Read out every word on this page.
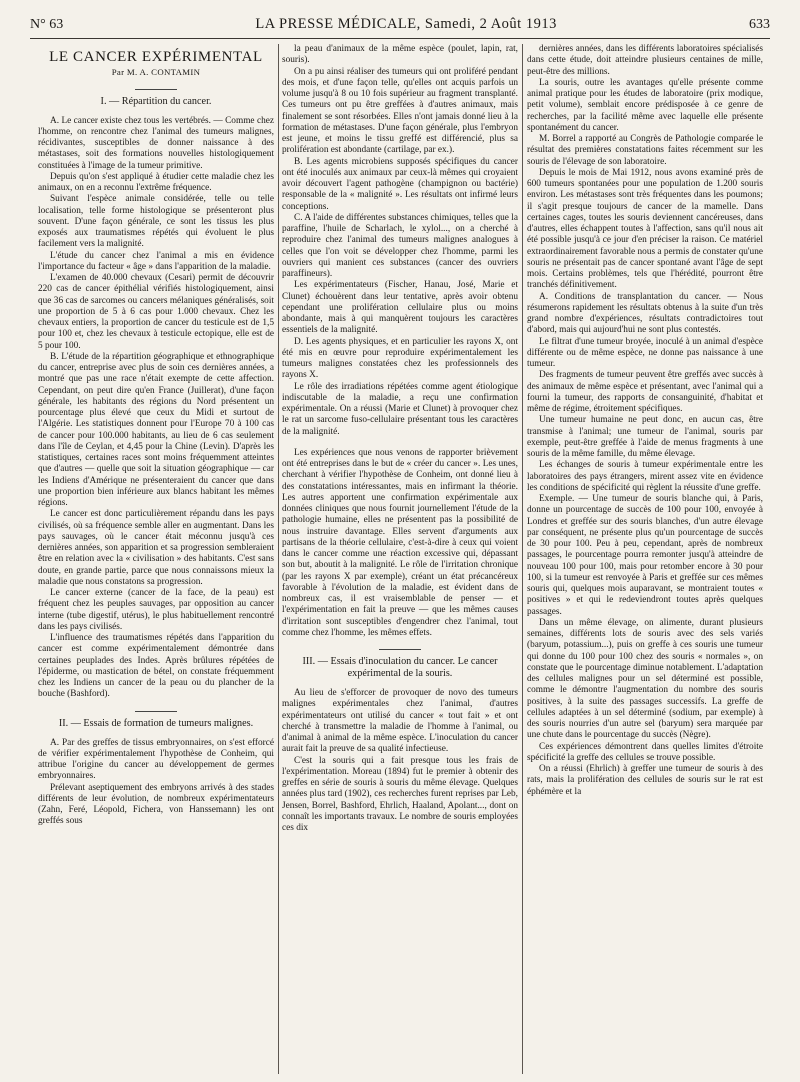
N° 63	LA PRESSE MÉDICALE, Samedi, 2 Août 1913	633
LE CANCER EXPÉRIMENTAL
Par M. A. CONTAMIN
I. — Répartition du cancer.

A. Le cancer existe chez tous les vertébrés. — Comme chez l'homme, on rencontre chez l'animal des tumeurs malignes, récidivantes, susceptibles de donner naissance à des métastases, soit des formations nouvelles histologiquement constituées à l'image de la tumeur primitive.

Depuis qu'on s'est appliqué à étudier cette maladie chez les animaux, on en a reconnu l'extrême fréquence.

Suivant l'espèce animale considérée, telle ou telle localisation, telle forme histologique se présenteront plus souvent. D'une façon générale, ce sont les tissus les plus exposés aux traumatismes répétés qui évoluent le plus facilement vers la malignité.

L'étude du cancer chez l'animal a mis en évidence l'importance du facteur « âge » dans l'apparition de la maladie.

L'examen de 40.000 chevaux (Cesari) permit de découvrir 220 cas de cancer épithélial vérifiés histologiquement, ainsi que 36 cas de sarcomes ou cancers mélaniques généralisés, soit une proportion de 5 à 6 cas pour 1.000 chevaux. Chez les chevaux entiers, la proportion de cancer du testicule est de 1,5 pour 100 et, chez les chevaux à testicule ectopique, elle est de 5 pour 100.

B. L'étude de la répartition géographique et ethnographique du cancer, entreprise avec plus de soin ces dernières années, a montré que pas une race n'était exempte de cette affection. Cependant, on peut dire qu'en France (Juillerat), d'une façon générale, les habitants des régions du Nord présentent un pourcentage plus élevé que ceux du Midi et surtout de l'Algérie. Les statistiques donnent pour l'Europe 70 à 100 cas de cancer pour 100.000 habitants, au lieu de 6 cas seulement dans l'île de Ceylan, et 4,45 pour la Chine (Levin). D'après les statistiques, certaines races sont moins fréquemment atteintes que d'autres — quelle que soit la situation géographique — car les Indiens d'Amérique ne présenteraient du cancer que dans une proportion bien inférieure aux blancs habitant les mêmes régions.

Le cancer est donc particulièrement répandu dans les pays civilisés, où sa fréquence semble aller en augmentant. Dans les pays sauvages, où le cancer était méconnu jusqu'à ces dernières années, son apparition et sa progression sembleraient être en relation avec la « civilisation » des habitants. C'est sans doute, en grande partie, parce que nous connaissons mieux la maladie que nous constatons sa progression.

Le cancer externe (cancer de la face, de la peau) est fréquent chez les peuples sauvages, par opposition au cancer interne (tube digestif, utérus), le plus habituellement rencontré dans les pays civilisés.

L'influence des traumatismes répétés dans l'apparition du cancer est comme expérimentalement démontrée dans certaines peuplades des Indes. Après brûlures répétées de l'épiderme, ou mastication de bétel, on constate fréquemment chez les Indiens un cancer de la peau ou du plancher de la bouche (Bashford).

II. — Essais de formation de tumeurs malignes.

A. Par des greffes de tissus embryonnaires, on s'est efforcé de vérifier expérimentalement l'hypothèse de Conheim, qui attribue l'origine du cancer au développement de germes embryonnaires.

Prélevant aseptiquement des embryons arrivés à des stades différents de leur évolution, de nombreux expérimentateurs (Zahn, Feré, Léopold, Fichera, von Hanssemann) les ont greffés sous

la peau d'animaux de la même espèce (poulet, lapin, rat, souris).

On a pu ainsi réaliser des tumeurs qui ont proliféré pendant des mois, et d'une façon telle, qu'elles ont acquis parfois un volume jusqu'à 8 ou 10 fois supérieur au fragment transplanté. Ces tumeurs ont pu être greffées à d'autres animaux, mais finalement se sont résorbées. Elles n'ont jamais donné lieu à la formation de métastases. D'une façon générale, plus l'embryon est jeune, et moins le tissu greffé est différencié, plus sa prolifération est abondante (cartilage, par ex.).

B. Les agents microbiens supposés spécifiques du cancer ont été inoculés aux animaux par ceux-là mêmes qui croyaient avoir découvert l'agent pathogène (champignon ou bactérie) responsable de la « malignité ». Les résultats ont infirmé leurs conceptions.

C. A l'aide de différentes substances chimiques, telles que la paraffine, l'huile de Scharlach, le xylol..., on a cherché à reproduire chez l'animal des tumeurs malignes analogues à celles que l'on voit se développer chez l'homme, parmi les ouvriers qui manient ces substances (cancer des ouvriers paraffineurs).

Les expérimentateurs (Fischer, Hanau, José, Marie et Clunet) échouèrent dans leur tentative, après avoir obtenu cependant une prolifération cellulaire plus ou moins abondante, mais à qui manquèrent toujours les caractères essentiels de la malignité.

D. Les agents physiques, et en particulier les rayons X, ont été mis en œuvre pour reproduire expérimentalement les tumeurs malignes constatées chez les professionnels des rayons X.

Le rôle des irradiations répétées comme agent étiologique indiscutable de la maladie, a reçu une confirmation expérimentale. On a réussi (Marie et Clunet) à provoquer chez le rat un sarcome fuso-cellulaire présentant tous les caractères de la malignité.

Les expériences que nous venons de rapporter brièvement ont été entreprises dans le but de « créer du cancer ». Les unes, cherchant à vérifier l'hypothèse de Conheim, ont donné lieu à des constatations intéressantes, mais en infirmant la théorie. Les autres apportent une confirmation expérimentale aux données cliniques que nous fournit journellement l'étude de la pathologie humaine, elles ne présentent pas la possibilité de nous instruire davantage. Elles servent d'arguments aux partisans de la théorie cellulaire, c'est-à-dire à ceux qui voient dans le cancer comme une réaction excessive qui, dépassant son but, aboutit à la malignité. Le rôle de l'irritation chronique (par les rayons X par exemple), créant un état précancéreux favorable à l'évolution de la maladie, est évident dans de nombreux cas, il est vraisemblable de penser — et l'expérimentation en fait la preuve — que les mêmes causes d'irritation sont susceptibles d'engendrer chez l'animal, tout comme chez l'homme, les mêmes effets.

III. — Essais d'inoculation du cancer. Le cancer expérimental de la souris.

Au lieu de s'efforcer de provoquer de novo des tumeurs malignes expérimentales chez l'animal, d'autres expérimentateurs ont utilisé du cancer « tout fait » et ont cherché à transmettre la maladie de l'homme à l'animal, ou d'animal à animal de la même espèce. L'inoculation du cancer aurait fait la preuve de sa qualité infectieuse.

C'est la souris qui a fait presque tous les frais de l'expérimentation. Moreau (1894) fut le premier à obtenir des greffes en série de souris à souris du même élevage. Quelques années plus tard (1902), ces recherches furent reprises par Leb, Jensen, Borrel, Bashford, Ehrlich, Haaland, Apolant..., dont on connaît les importants travaux. Le nombre de souris employées ces dix

dernières années, dans les différents laboratoires spécialisés dans cette étude, doit atteindre plusieurs centaines de mille, peut-être des millions.

La souris, outre les avantages qu'elle présente comme animal pratique pour les études de laboratoire (prix modique, petit volume), semblait encore prédisposée à ce genre de recherches, par la facilité même avec laquelle elle présente spontanément du cancer.

M. Borrel a rapporté au Congrès de Pathologie comparée le résultat des premières constatations faites récemment sur les souris de l'élevage de son laboratoire.

Depuis le mois de Mai 1912, nous avons examiné près de 600 tumeurs spontanées pour une population de 1.200 souris environ. Les métastases sont très fréquentes dans les poumons; il s'agit presque toujours de cancer de la mamelle. Dans certaines cages, toutes les souris deviennent cancéreuses, dans d'autres, elles échappent toutes à l'affection, sans qu'il nous ait été possible jusqu'à ce jour d'en préciser la raison. Ce matériel extraordinairement favorable nous a permis de constater qu'une souris ne présentait pas de cancer spontané avant l'âge de sept mois. Certains problèmes, tels que l'hérédité, pourront être tranchés définitivement.

A. Conditions de transplantation du cancer. — Nous résumerons rapidement les résultats obtenus à la suite d'un très grand nombre d'expériences, résultats contradictoires tout d'abord, mais qui aujourd'hui ne sont plus contestés.

Le filtrat d'une tumeur broyée, inoculé à un animal d'espèce différente ou de même espèce, ne donne pas naissance à une tumeur.

Des fragments de tumeur peuvent être greffés avec succès à des animaux de même espèce et présentant, avec l'animal qui a fourni la tumeur, des rapports de consanguinité, d'habitat et même de régime, étroitement spécifiques.

Une tumeur humaine ne peut donc, en aucun cas, être transmise à l'animal; une tumeur de l'animal, souris par exemple, peut-être greffée à l'aide de menus fragments à une souris de la même famille, du même élevage.

Les échanges de souris à tumeur expérimentale entre les laboratoires des pays étrangers, mirent assez vite en évidence les conditions de spécificité qui règlent la réussite d'une greffe.

Exemple. — Une tumeur de souris blanche qui, à Paris, donne un pourcentage de succès de 100 pour 100, envoyée à Londres et greffée sur des souris blanches, d'un autre élevage par conséquent, ne présente plus qu'un pourcentage de succès de 30 pour 100. Peu à peu, cependant, après de nombreux passages, le pourcentage pourra remonter jusqu'à atteindre de nouveau 100 pour 100, mais pour retomber encore à 30 pour 100, si la tumeur est renvoyée à Paris et greffée sur ces mêmes souris qui, quelques mois auparavant, se montraient toutes « positives » et qui le redeviendront toutes après quelques passages.

Dans un même élevage, on alimente, durant plusieurs semaines, différents lots de souris avec des sels variés (baryum, potassium...), puis on greffe à ces souris une tumeur qui donne du 100 pour 100 chez des souris « normales », on constate que le pourcentage diminue notablement. L'adaptation des cellules malignes pour un sel déterminé est possible, comme le démontre l'augmentation du nombre des souris positives, à la suite des passages successifs. La greffe de cellules adaptées à un sel déterminé (sodium, par exemple) à des souris nourries d'un autre sel (baryum) sera marquée par une chute dans le pourcentage du succès (Nègre).

Ces expériences démontrent dans quelles limites d'étroite spécificité la greffe des cellules se trouve possible.

On a réussi (Ehrlich) à greffer une tumeur de souris à des rats, mais la prolifération des cellules de souris sur le rat est éphémère et la
